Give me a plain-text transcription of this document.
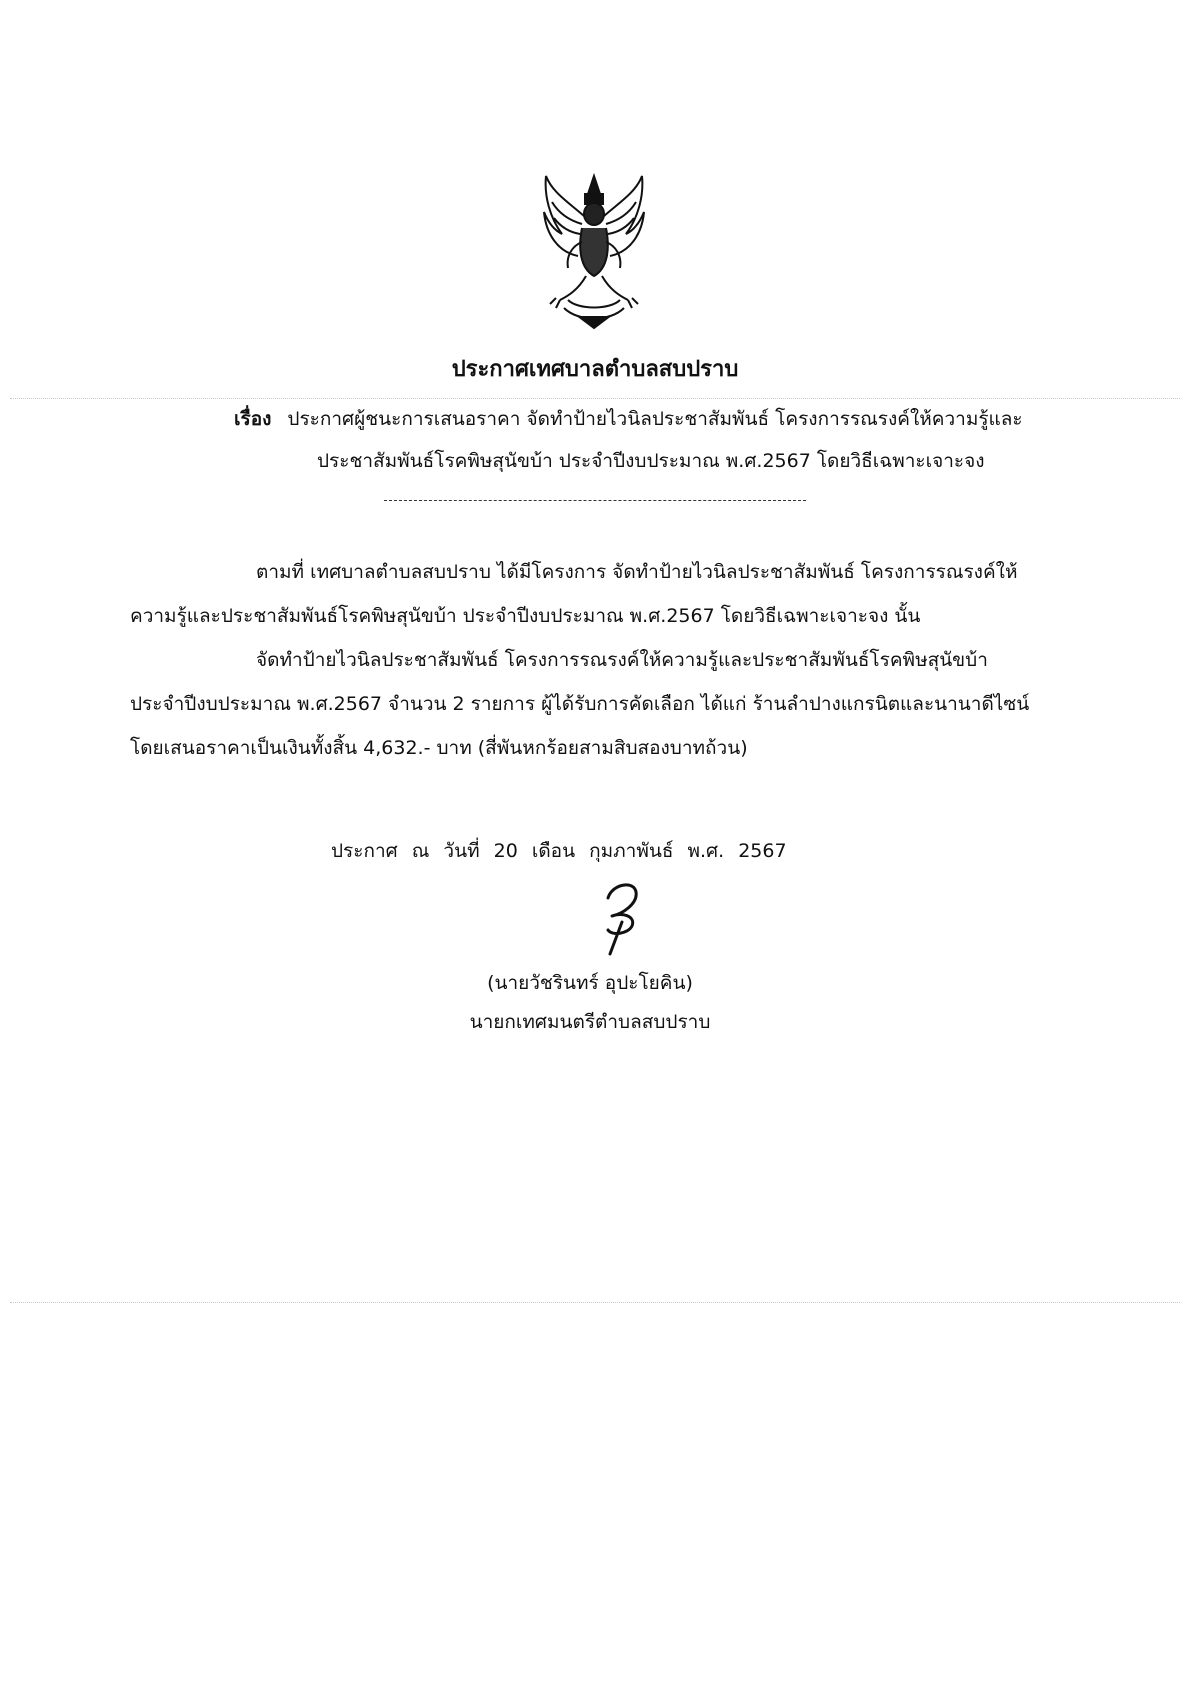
ประกาศเทศบาลตำบลสบปราบ
เรื่อง ประกาศผู้ชนะการเสนอราคา จัดทำป้ายไวนิลประชาสัมพันธ์ โครงการรณรงค์ให้ความรู้และ
ประชาสัมพันธ์โรคพิษสุนัขบ้า ประจำปีงบประมาณ พ.ศ.2567 โดยวิธีเฉพาะเจาะจง
ตามที่ เทศบาลตำบลสบปราบ ได้มีโครงการ จัดทำป้ายไวนิลประชาสัมพันธ์ โครงการรณรงค์ให้
ความรู้และประชาสัมพันธ์โรคพิษสุนัขบ้า ประจำปีงบประมาณ พ.ศ.2567 โดยวิธีเฉพาะเจาะจง นั้น
จัดทำป้ายไวนิลประชาสัมพันธ์ โครงการรณรงค์ให้ความรู้และประชาสัมพันธ์โรคพิษสุนัขบ้า
ประจำปีงบประมาณ พ.ศ.2567 จำนวน 2 รายการ ผู้ได้รับการคัดเลือก ได้แก่ ร้านลำปางแกรนิตและนานาดีไซน์
โดยเสนอราคาเป็นเงินทั้งสิ้น 4,632.- บาท (สี่พันหกร้อยสามสิบสองบาทถ้วน)
ประกาศ ณ วันที่ 20 เดือน กุมภาพันธ์ พ.ศ. 2567
(นายวัชรินทร์ อุปะโยคิน)
นายกเทศมนตรีตำบลสบปราบ
